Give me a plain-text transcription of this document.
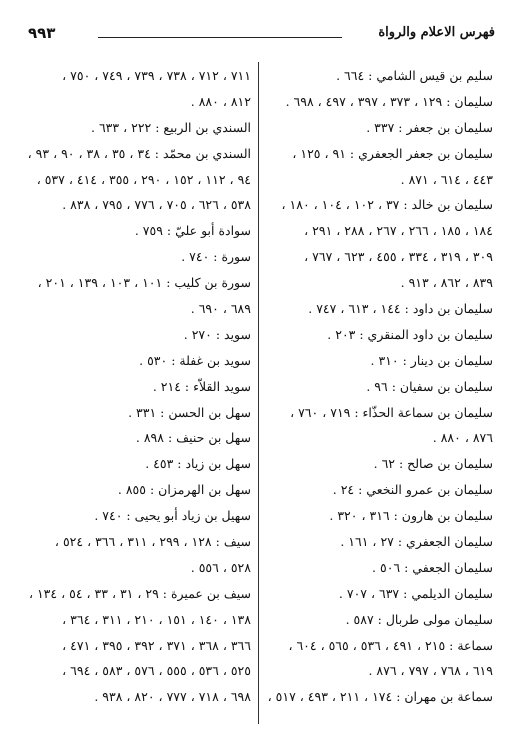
٩٩٣	فهرس الاعلام والرواة
سليم بن قيس الشامي : ٦٦٤ .
سليمان : ١٢٩ ، ٣٧٣ ، ٣٩٧ ، ٤٩٧ ، ٦٩٨ .
سليمان بن جعفر : ٣٣٧ .
سليمان بن جعفر الجعفري : ٩١ ، ١٢٥ ،
٤٤٣ ، ٦١٤ ، ٨٧١ .
سليمان بن خالد : ٣٧ ، ١٠٢ ، ١٠٤ ، ١٨٠ ،
١٨٤ ، ١٨٥ ، ٢٦٦ ، ٢٦٧ ، ٢٨٨ ، ٢٩١ ،
٣٠٩ ، ٣١٩ ، ٣٣٤ ، ٤٥٥ ، ٦٢٣ ، ٧٦٧ ،
٨٣٩ ، ٨٦٢ ، ٩١٣ .
سليمان بن داود : ١٤٤ ، ٦١٣ ، ٧٤٧ .
سليمان بن داود المنقري : ٢٠٣ .
سليمان بن دينار : ٣١٠ .
سليمان بن سفيان : ٩٦ .
سليمان بن سماعة الحذّاء : ٧١٩ ، ٧٦٠ ،
٨٧٦ ، ٨٨٠ .
سليمان بن صالح : ٦٢ .
سليمان بن عمرو النخعي : ٢٤ .
سليمان بن هارون : ٣١٦ ، ٣٢٠ .
سليمان الجعفري : ٢٧ ، ١٦١ .
سليمان الجعفي : ٥٠٦ .
سليمان الديلمي : ٦٣٧ ، ٧٠٧ .
سليمان مولى طربال : ٥٨٧ .
سماعة : ٢١٥ ، ٤٩١ ، ٥٣٦ ، ٥٦٥ ، ٦٠٤ ،
٦١٩ ، ٧٦٨ ، ٧٩٧ ، ٨٧٦ .
سماعة بن مهران : ١٧٤ ، ٢١١ ، ٤٩٣ ، ٥١٧ ،
٧١١ ، ٧١٢ ، ٧٣٨ ، ٧٣٩ ، ٧٤٩ ، ٧٥٠ ،
٨١٢ ، ٨٨٠ .
السندي بن الربيع : ٢٢٢ ، ٦٣٣ .
السندي بن محمّد : ٣٤ ، ٣٥ ، ٣٨ ، ٩٠ ، ٩٣ ،
٩٤ ، ١١٢ ، ١٥٢ ، ٢٩٠ ، ٣٥٥ ، ٤١٤ ، ٥٣٧ ،
٥٣٨ ، ٦٢٦ ، ٧٠٥ ، ٧٧٦ ، ٧٩٥ ، ٨٣٨ .
سوادة أبو عليّ : ٧٥٩ .
سورة : ٧٤٠ .
سورة بن كليب : ١٠١ ، ١٠٣ ، ١٣٩ ، ٢٠١ ،
٦٨٩ ، ٦٩٠ .
سويد : ٢٧٠ .
سويد بن غفلة : ٥٣٠ .
سويد القلاّء : ٢١٤ .
سهل بن الحسن : ٣٣١ .
سهل بن حنيف : ٨٩٨ .
سهل بن زياد : ٤٥٣ .
سهل بن الهرمزان : ٨٥٥ .
سهيل بن زياد أبو يحيى : ٧٤٠ .
سيف : ١٢٨ ، ٢٩٩ ، ٣١١ ، ٣٦٦ ، ٥٢٤ ،
٥٢٨ ، ٥٥٦ .
سيف بن عميرة : ٢٩ ، ٣١ ، ٣٣ ، ٥٤ ، ١٣٤ ،
١٣٨ ، ١٤٠ ، ١٥١ ، ٢١٠ ، ٣١١ ، ٣٦٤ ،
٣٦٦ ، ٣٦٨ ، ٣٧١ ، ٣٩٢ ، ٣٩٥ ، ٤٧١ ،
٥٢٥ ، ٥٣٦ ، ٥٥٥ ، ٥٧٦ ، ٥٨٣ ، ٦٩٤ ،
٦٩٨ ، ٧١٨ ، ٧٧٧ ، ٨٢٠ ، ٩٣٨ .
